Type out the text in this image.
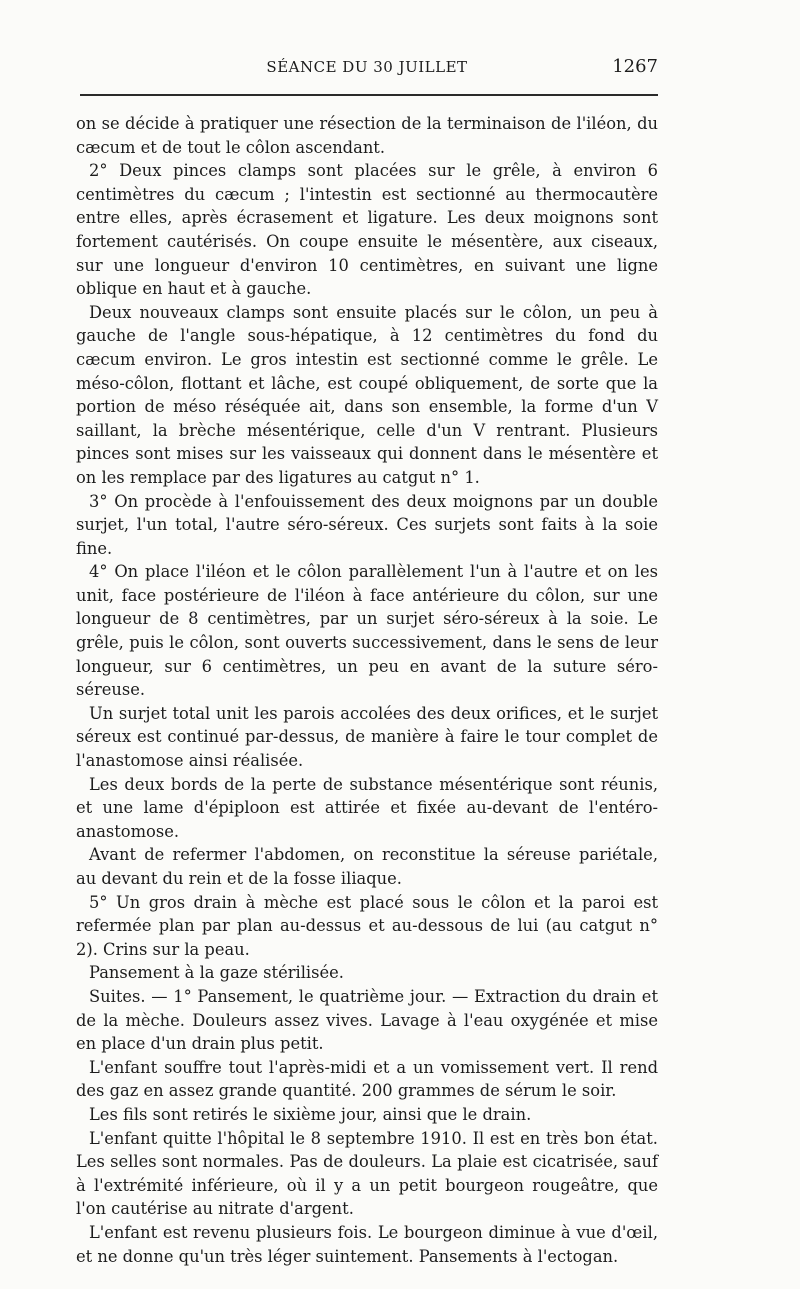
SÉANCE DU 30 JUILLET	1267

on se décide à pratiquer une résection de la terminaison de l'iléon, du cæcum et de tout le côlon ascendant.

2° Deux pinces clamps sont placées sur le grêle, à environ 6 centimètres du cæcum ; l'intestin est sectionné au thermocautère entre elles, après écrasement et ligature. Les deux moignons sont fortement cautérisés. On coupe ensuite le mésentère, aux ciseaux, sur une longueur d'environ 10 centimètres, en suivant une ligne oblique en haut et à gauche.

Deux nouveaux clamps sont ensuite placés sur le côlon, un peu à gauche de l'angle sous-hépatique, à 12 centimètres du fond du cæcum environ. Le gros intestin est sectionné comme le grêle. Le méso-côlon, flottant et lâche, est coupé obliquement, de sorte que la portion de méso réséquée ait, dans son ensemble, la forme d'un V saillant, la brèche mésentérique, celle d'un V rentrant. Plusieurs pinces sont mises sur les vaisseaux qui donnent dans le mésentère et on les remplace par des ligatures au catgut n° 1.

3° On procède à l'enfouissement des deux moignons par un double surjet, l'un total, l'autre séro-séreux. Ces surjets sont faits à la soie fine.

4° On place l'iléon et le côlon parallèlement l'un à l'autre et on les unit, face postérieure de l'iléon à face antérieure du côlon, sur une longueur de 8 centimètres, par un surjet séro-séreux à la soie. Le grêle, puis le côlon, sont ouverts successivement, dans le sens de leur longueur, sur 6 centimètres, un peu en avant de la suture séro-séreuse.

Un surjet total unit les parois accolées des deux orifices, et le surjet séreux est continué par-dessus, de manière à faire le tour complet de l'anastomose ainsi réalisée.

Les deux bords de la perte de substance mésentérique sont réunis, et une lame d'épiploon est attirée et fixée au-devant de l'entéro-anastomose.

Avant de refermer l'abdomen, on reconstitue la séreuse pariétale, au devant du rein et de la fosse iliaque.

5° Un gros drain à mèche est placé sous le côlon et la paroi est refermée plan par plan au-dessus et au-dessous de lui (au catgut n° 2). Crins sur la peau.

Pansement à la gaze stérilisée.

Suites. — 1° Pansement, le quatrième jour. — Extraction du drain et de la mèche. Douleurs assez vives. Lavage à l'eau oxygénée et mise en place d'un drain plus petit.

L'enfant souffre tout l'après-midi et a un vomissement vert. Il rend des gaz en assez grande quantité. 200 grammes de sérum le soir.

Les fils sont retirés le sixième jour, ainsi que le drain.

L'enfant quitte l'hôpital le 8 septembre 1910. Il est en très bon état. Les selles sont normales. Pas de douleurs. La plaie est cicatrisée, sauf à l'extrémité inférieure, où il y a un petit bourgeon rougeâtre, que l'on cautérise au nitrate d'argent.

L'enfant est revenu plusieurs fois. Le bourgeon diminue à vue d'œil, et ne donne qu'un très léger suintement. Pansements à l'ectogan.
